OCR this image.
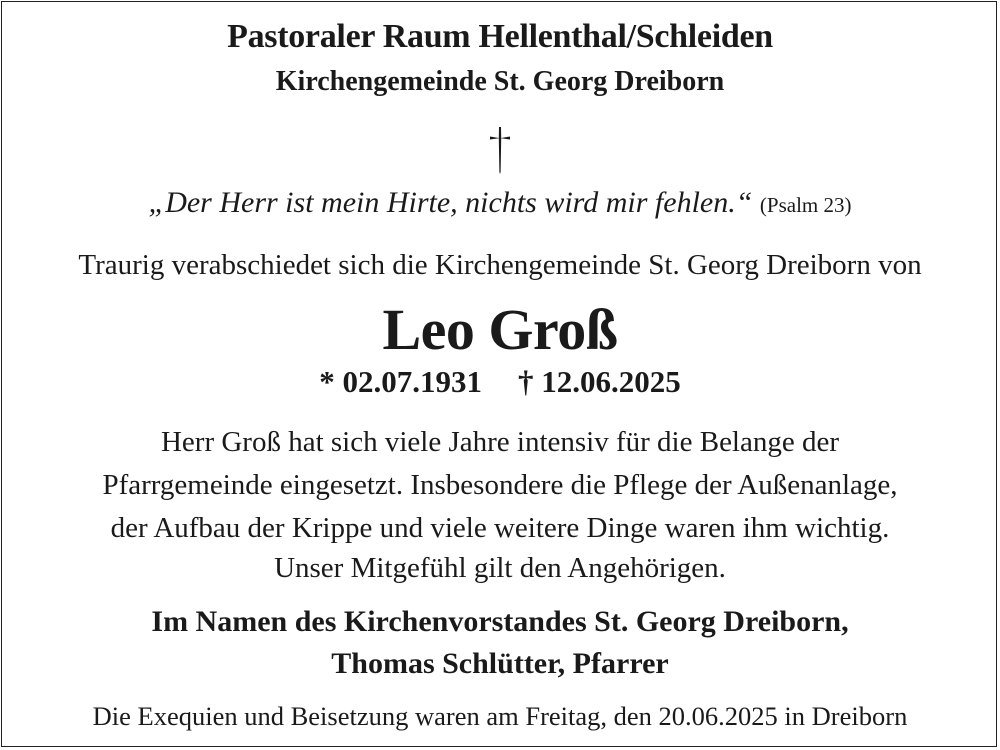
Pastoraler Raum Hellenthal/Schleiden
Kirchengemeinde St. Georg Dreiborn
„Der Herr ist mein Hirte, nichts wird mir fehlen.“ (Psalm 23)
Traurig verabschiedet sich die Kirchengemeinde St. Georg Dreiborn von
Leo Groß
* 02.07.1931 † 12.06.2025
Herr Groß hat sich viele Jahre intensiv für die Belange der
Pfarrgemeinde eingesetzt. Insbesondere die Pflege der Außenanlage,
der Aufbau der Krippe und viele weitere Dinge waren ihm wichtig.
Unser Mitgefühl gilt den Angehörigen.
Im Namen des Kirchenvorstandes St. Georg Dreiborn,
Thomas Schlütter, Pfarrer
Die Exequien und Beisetzung waren am Freitag, den 20.06.2025 in Dreiborn
